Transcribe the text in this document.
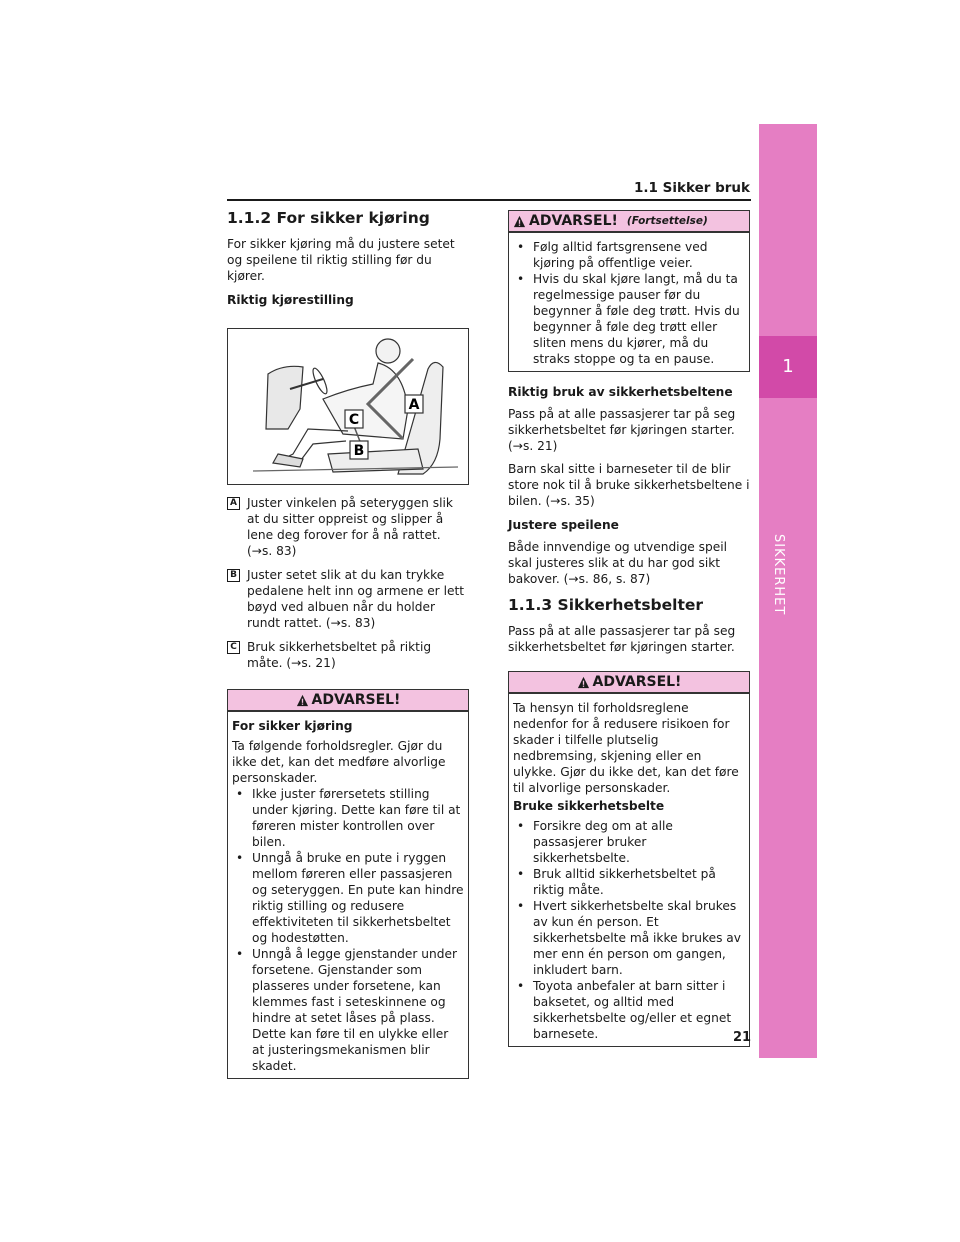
1
SIKKERHET
1.1 Sikker bruk
1.1.2 For sikker kjøring

For sikker kjøring må du justere setet og speilene til riktig stilling før du kjører.

Riktig kjørestilling
A
C
B
A Juster vinkelen på seteryggen slik at du sitter oppreist og slipper å lene deg forover for å nå rattet. (→s. 83)
B Juster setet slik at du kan trykke pedalene helt inn og armene er lett bøyd ved albuen når du holder rundt rattet. (→s. 83)
C Bruk sikkerhetsbeltet på riktig måte. (→s. 21)
ADVARSEL!
For sikker kjøring
Ta følgende forholdsregler. Gjør du ikke det, kan det medføre alvorlige personskader.
• Ikke juster førersetets stilling under kjøring. Dette kan føre til at føreren mister kontrollen over bilen.
• Unngå å bruke en pute i ryggen mellom føreren eller passasjeren og seteryggen. En pute kan hindre riktig stilling og redusere effektiviteten til sikkerhetsbeltet og hodestøtten.
• Unngå å legge gjenstander under forsetene. Gjenstander som plasseres under forsetene, kan klemmes fast i seteskinnene og hindre at setet låses på plass. Dette kan føre til en ulykke eller at justeringsmekanismen blir skadet.
ADVARSEL! (Fortsettelse)
• Følg alltid fartsgrensene ved kjøring på offentlige veier.
• Hvis du skal kjøre langt, må du ta regelmessige pauser før du begynner å føle deg trøtt. Hvis du begynner å føle deg trøtt eller sliten mens du kjører, må du straks stoppe og ta en pause.
Riktig bruk av sikkerhetsbeltene

Pass på at alle passasjerer tar på seg sikkerhetsbeltet før kjøringen starter. (→s. 21)

Barn skal sitte i barneseter til de blir store nok til å bruke sikkerhetsbeltene i bilen. (→s. 35)

Justere speilene

Både innvendige og utvendige speil skal justeres slik at du har god sikt bakover. (→s. 86, s. 87)

1.1.3 Sikkerhetsbelter

Pass på at alle passasjerer tar på seg sikkerhetsbeltet før kjøringen starter.

ADVARSEL!
Ta hensyn til forholdsreglene nedenfor for å redusere risikoen for skader i tilfelle plutselig nedbremsing, skjening eller en ulykke. Gjør du ikke det, kan det føre til alvorlige personskader.
Bruke sikkerhetsbelte
• Forsikre deg om at alle passasjerer bruker sikkerhetsbelte.
• Bruk alltid sikkerhetsbeltet på riktig måte.
• Hvert sikkerhetsbelte skal brukes av kun én person. Et sikkerhetsbelte må ikke brukes av mer enn én person om gangen, inkludert barn.
• Toyota anbefaler at barn sitter i baksetet, og alltid med sikkerhetsbelte og/eller et egnet barnesete.	21
